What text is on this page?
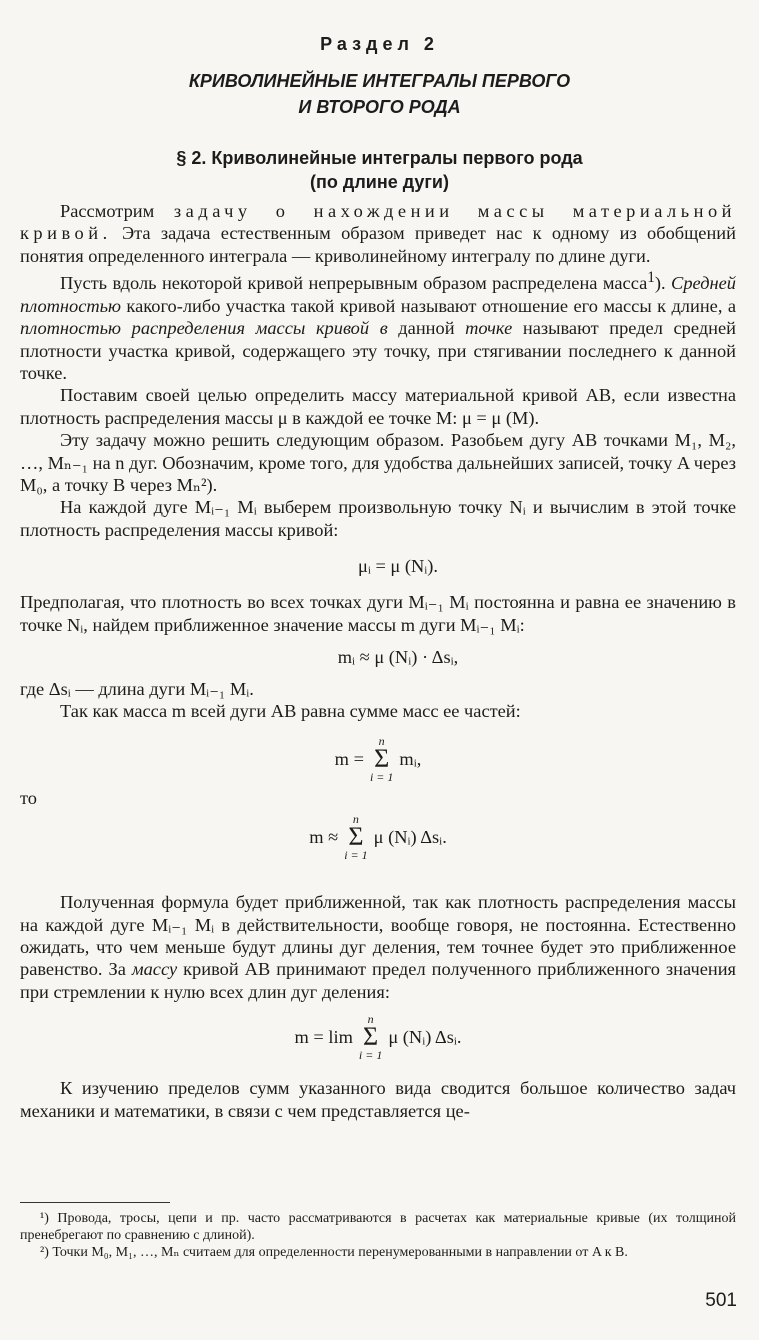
Раздел 2
КРИВОЛИНЕЙНЫЕ ИНТЕГРАЛЫ ПЕРВОГО
И ВТОРОГО РОДА
§ 2. Криволинейные интегралы первого рода
(по длине дуги)

Рассмотрим задачу о нахождении массы материальной кривой. Эта задача естественным образом приведет нас к одному из обобщений понятия определенного интеграла — криволинейному интегралу по длине дуги.

Пусть вдоль некоторой кривой непрерывным образом распределена масса$^1$). Средней плотностью какого-либо участка такой кривой называют отношение его массы к длине, а плотностью распределения массы кривой в данной точке называют предел средней плотности участка кривой, содержащего эту точку, при стягивании последнего к данной точке.

Поставим своей целью определить массу материальной кривой AB, если известна плотность распределения массы μ в каждой ее точке M: μ = μ (M).

Эту задачу можно решить следующим образом. Разобьем дугу AB точками M₁, M₂, …, Mₙ₋₁ на n дуг. Обозначим, кроме того, для удобства дальнейших записей, точку A через M₀, а точку B через Mₙ²).

На каждой дуге Mᵢ₋₁ Mᵢ выберем произвольную точку Nᵢ и вычислим в этой точке плотность распределения массы кривой:

μᵢ = μ (Nᵢ).

Предполагая, что плотность во всех точках дуги Mᵢ₋₁ Mᵢ постоянна и равна ее значению в точке Nᵢ, найдем приближенное значение массы m дуги Mᵢ₋₁ Mᵢ:

mᵢ ≈ μ (Nᵢ) · Δsᵢ,

где Δsᵢ — длина дуги Mᵢ₋₁ Mᵢ.

Так как масса m всей дуги AB равна сумме масс ее частей:

m =
n
Σ
i = 1
mᵢ,

то

m ≈
n
Σ
i = 1
μ (Nᵢ) Δsᵢ.

Полученная формула будет приближенной, так как плотность распределения массы на каждой дуге Mᵢ₋₁ Mᵢ в действительности, вообще говоря, не постоянна. Естественно ожидать, что чем меньше будут длины дуг деления, тем точнее будет это приближенное равенство. За массу кривой AB принимают предел полученного приближенного значения при стремлении к нулю всех длин дуг деления:

m = lim
n
Σ
i = 1
μ (Nᵢ) Δsᵢ.

К изучению пределов сумм указанного вида сводится большое количество задач механики и математики, в связи с чем представляется це-

¹) Провода, тросы, цепи и пр. часто рассматриваются в расчетах как материальные кривые (их толщиной пренебрегают по сравнению с длиной).

²) Точки M₀, M₁, …, Mₙ считаем для определенности перенумерованными в направлении от A к B.

501
